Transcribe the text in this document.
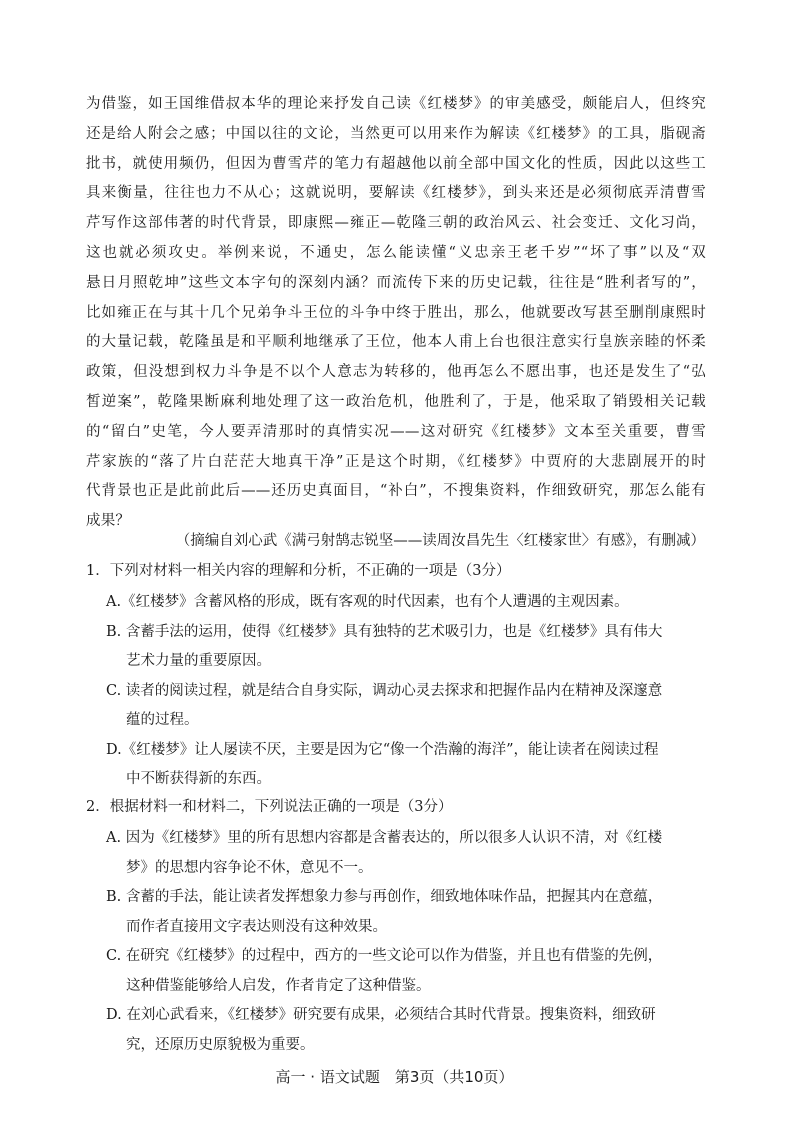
为借鉴，如王国维借叔本华的理论来抒发自己读《红楼梦》的审美感受，颇能启人，但终究
还是给人附会之感；中国以往的文论，当然更可以用来作为解读《红楼梦》的工具，脂砚斋
批书，就使用频仍，但因为曹雪芹的笔力有超越他以前全部中国文化的性质，因此以这些工
具来衡量，往往也力不从心；这就说明，要解读《红楼梦》，到头来还是必须彻底弄清曹雪
芹写作这部伟著的时代背景，即康熙—雍正—乾隆三朝的政治风云、社会变迁、文化习尚，
这也就必须攻史。举例来说，不通史，怎么能读懂“义忠亲王老千岁”“坏了事”以及“双
悬日月照乾坤”这些文本字句的深刻内涵？而流传下来的历史记载，往往是“胜利者写的”，
比如雍正在与其十几个兄弟争斗王位的斗争中终于胜出，那么，他就要改写甚至删削康熙时
的大量记载，乾隆虽是和平顺利地继承了王位，他本人甫上台也很注意实行皇族亲睦的怀柔
政策，但没想到权力斗争是不以个人意志为转移的，他再怎么不愿出事，也还是发生了“弘
皙逆案”，乾隆果断麻利地处理了这一政治危机，他胜利了，于是，他采取了销毁相关记载
的“留白”史笔，今人要弄清那时的真情实况——这对研究《红楼梦》文本至关重要，曹雪
芹家族的“落了片白茫茫大地真干净”正是这个时期，《红楼梦》中贾府的大悲剧展开的时
代背景也正是此前此后——还历史真面目，“补白”，不搜集资料，作细致研究，那怎么能有
成果？
（摘编自刘心武《满弓射鹄志锐坚——读周汝昌先生〈红楼家世〉有感》，有删减）
1．下列对材料一相关内容的理解和分析，不正确的一项是（3分）
A.《红楼梦》含蓄风格的形成，既有客观的时代因素，也有个人遭遇的主观因素。
B. 含蓄手法的运用，使得《红楼梦》具有独特的艺术吸引力，也是《红楼梦》具有伟大
艺术力量的重要原因。
C. 读者的阅读过程，就是结合自身实际，调动心灵去探求和把握作品内在精神及深邃意
蕴的过程。
D.《红楼梦》让人屡读不厌，主要是因为它“像一个浩瀚的海洋”，能让读者在阅读过程
中不断获得新的东西。
2．根据材料一和材料二，下列说法正确的一项是（3分）
A. 因为《红楼梦》里的所有思想内容都是含蓄表达的，所以很多人认识不清，对《红楼
梦》的思想内容争论不休，意见不一。
B. 含蓄的手法，能让读者发挥想象力参与再创作，细致地体味作品，把握其内在意蕴，
而作者直接用文字表达则没有这种效果。
C. 在研究《红楼梦》的过程中，西方的一些文论可以作为借鉴，并且也有借鉴的先例，
这种借鉴能够给人启发，作者肯定了这种借鉴。
D. 在刘心武看来，《红楼梦》研究要有成果，必须结合其时代背景。搜集资料，细致研
究，还原历史原貌极为重要。
高一 · 语文试题　第3页（共10页）
